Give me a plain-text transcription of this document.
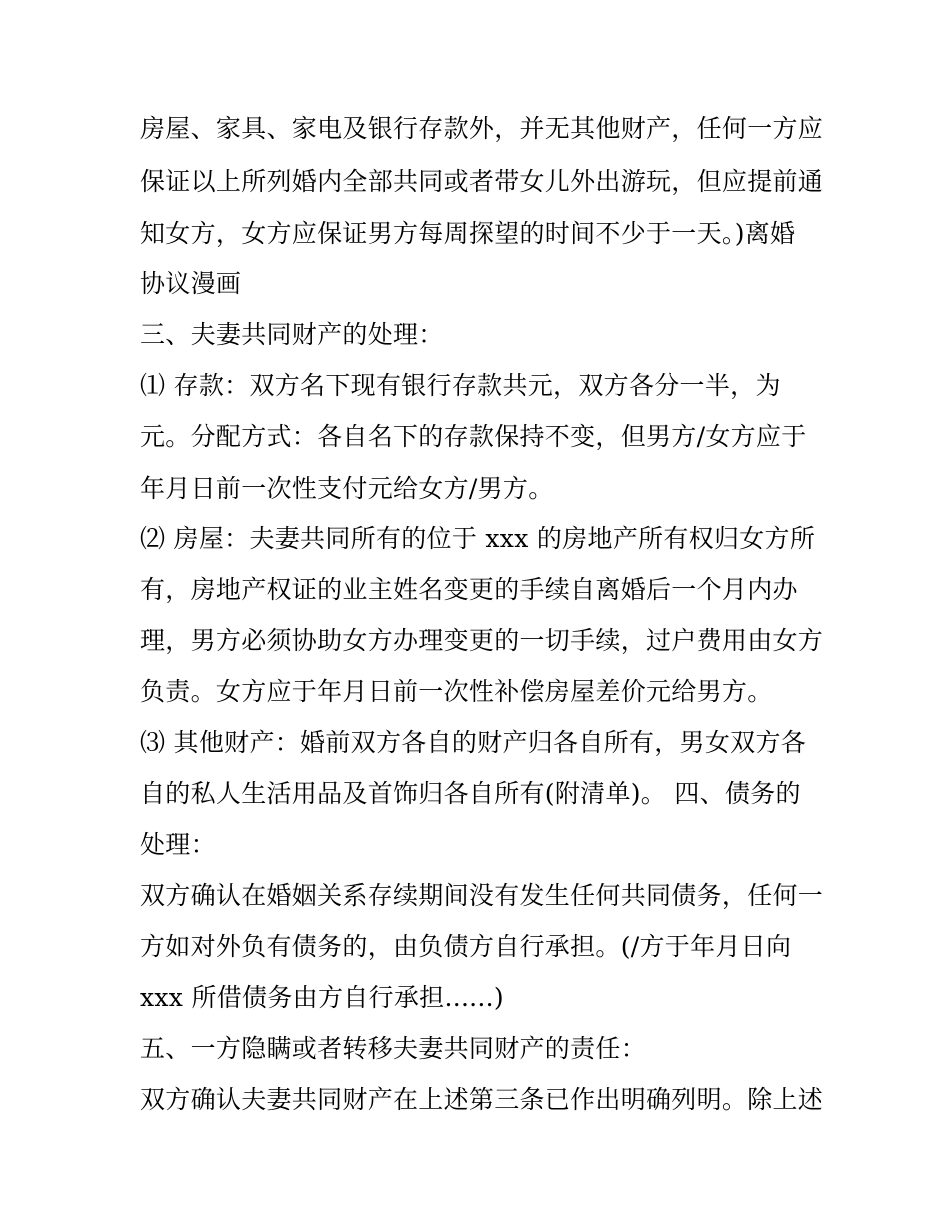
房屋、家具、家电及银行存款外，并无其他财产，任何一方应
保证以上所列婚内全部共同或者带女儿外出游玩，但应提前通
知女方，女方应保证男方每周探望的时间不少于一天。)离婚
协议漫画
三、夫妻共同财产的处理：
⑴ 存款：双方名下现有银行存款共元，双方各分一半，为
元。分配方式：各自名下的存款保持不变，但男方/女方应于
年月日前一次性支付元给女方/男方。
⑵ 房屋：夫妻共同所有的位于 xxx 的房地产所有权归女方所
有，房地产权证的业主姓名变更的手续自离婚后一个月内办
理，男方必须协助女方办理变更的一切手续，过户费用由女方
负责。女方应于年月日前一次性补偿房屋差价元给男方。
⑶ 其他财产：婚前双方各自的财产归各自所有，男女双方各
自的私人生活用品及首饰归各自所有(附清单)。 四、债务的
处理：
双方确认在婚姻关系存续期间没有发生任何共同债务，任何一
方如对外负有债务的，由负债方自行承担。(/方于年月日向
xxx 所借债务由方自行承担......)
五、一方隐瞒或者转移夫妻共同财产的责任：
双方确认夫妻共同财产在上述第三条已作出明确列明。除上述
